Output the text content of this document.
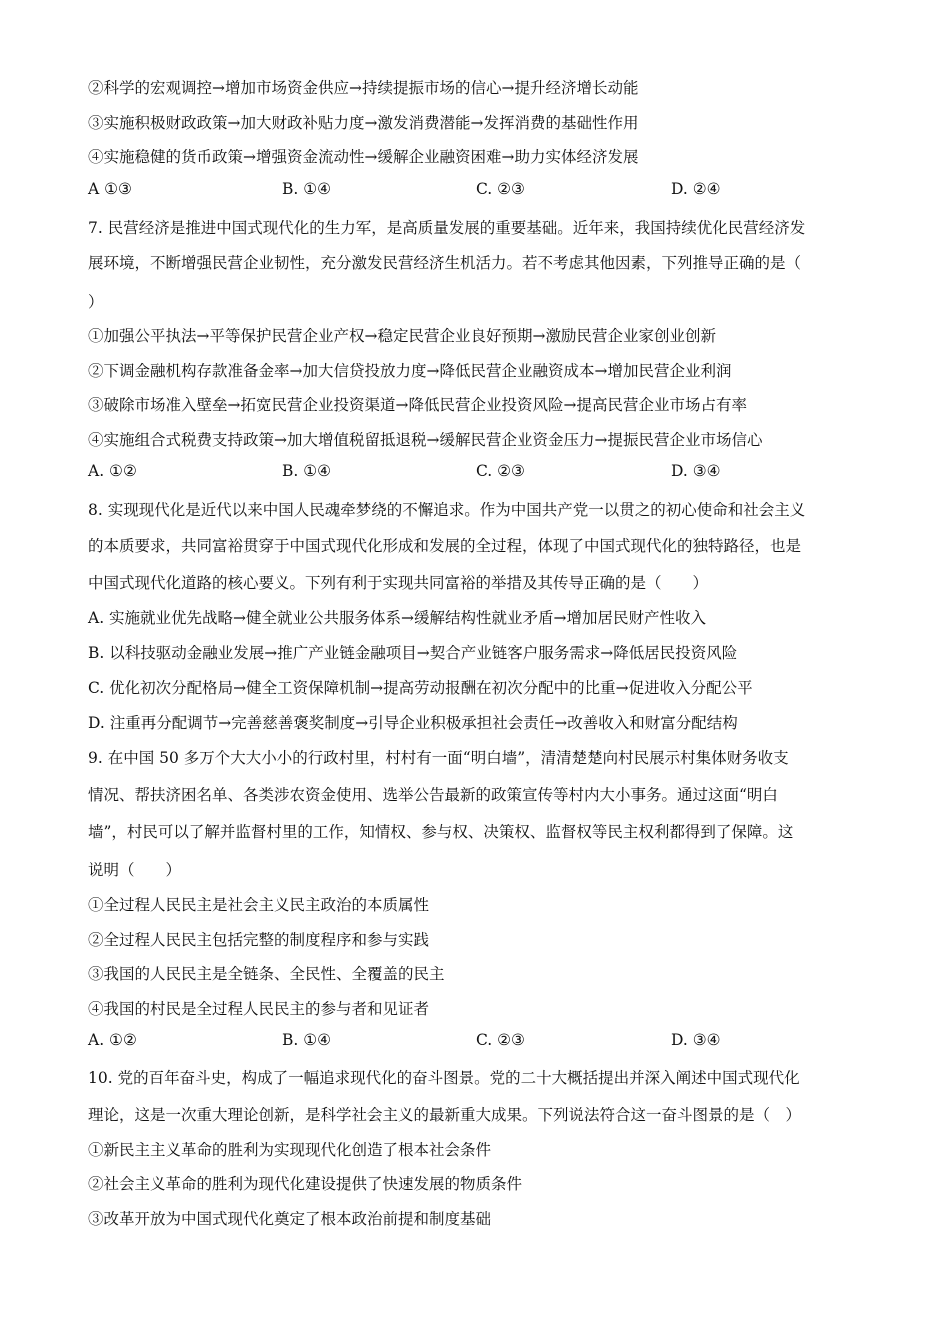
②科学的宏观调控→增加市场资金供应→持续提振市场的信心→提升经济增长动能
③实施积极财政政策→加大财政补贴力度→激发消费潜能→发挥消费的基础性作用
④实施稳健的货币政策→增强资金流动性→缓解企业融资困难→助力实体经济发展
A ①③	B. ①④	C. ②③	D. ②④
7. 民营经济是推进中国式现代化的生力军，是高质量发展的重要基础。近年来，我国持续优化民营经济发
展环境，不断增强民营企业韧性，充分激发民营经济生机活力。若不考虑其他因素，下列推导正确的是（
）
①加强公平执法→平等保护民营企业产权→稳定民营企业良好预期→激励民营企业家创业创新
②下调金融机构存款准备金率→加大信贷投放力度→降低民营企业融资成本→增加民营企业利润
③破除市场准入壁垒→拓宽民营企业投资渠道→降低民营企业投资风险→提高民营企业市场占有率
④实施组合式税费支持政策→加大增值税留抵退税→缓解民营企业资金压力→提振民营企业市场信心
A. ①②	B. ①④	C. ②③	D. ③④
8. 实现现代化是近代以来中国人民魂牵梦绕的不懈追求。作为中国共产党一以贯之的初心使命和社会主义
的本质要求，共同富裕贯穿于中国式现代化形成和发展的全过程，体现了中国式现代化的独特路径，也是
中国式现代化道路的核心要义。下列有利于实现共同富裕的举措及其传导正确的是（　　）
A. 实施就业优先战略→健全就业公共服务体系→缓解结构性就业矛盾→增加居民财产性收入
B. 以科技驱动金融业发展→推广产业链金融项目→契合产业链客户服务需求→降低居民投资风险
C. 优化初次分配格局→健全工资保障机制→提高劳动报酬在初次分配中的比重→促进收入分配公平
D. 注重再分配调节→完善慈善褒奖制度→引导企业积极承担社会责任→改善收入和财富分配结构
9. 在中国 50 多万个大大小小的行政村里，村村有一面“明白墙”，清清楚楚向村民展示村集体财务收支
情况、帮扶济困名单、各类涉农资金使用、选举公告最新的政策宣传等村内大小事务。通过这面“明白
墙”，村民可以了解并监督村里的工作，知情权、参与权、决策权、监督权等民主权利都得到了保障。这
说明（　　）
①全过程人民民主是社会主义民主政治的本质属性
②全过程人民民主包括完整的制度程序和参与实践
③我国的人民民主是全链条、全民性、全覆盖的民主
④我国的村民是全过程人民民主的参与者和见证者
A. ①②	B. ①④	C. ②③	D. ③④
10. 党的百年奋斗史，构成了一幅追求现代化的奋斗图景。党的二十大概括提出并深入阐述中国式现代化
理论，这是一次重大理论创新，是科学社会主义的最新重大成果。下列说法符合这一奋斗图景的是（　）
①新民主主义革命的胜利为实现现代化创造了根本社会条件
②社会主义革命的胜利为现代化建设提供了快速发展的物质条件
③改革开放为中国式现代化奠定了根本政治前提和制度基础
